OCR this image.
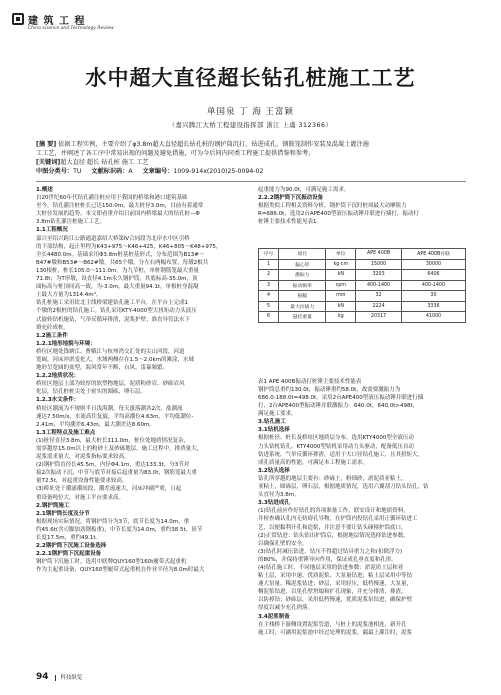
建 筑 工 程
China science and Technology Review
水中超大直径超长钻孔桩施工工艺
单国泉 丁 海 王富颖
（嘉兴腾江大桥工程建设指挥部 浙江 上虞 312366）
[摘 要] 依据工程实例，主要介绍了φ3.8m超大直径超长钻孔桩的钢护筒沉打、钻进成孔、钢筋笼制作安装及混凝土灌注施
工工艺，并阐述了各工序中常易出现的问题及避免措施，可为今后同内同类工程施工提供借鉴和参考。
[关键词]超大直径 超长 钻孔桩 施工 工艺
中图分类号：TU 文献标识码：A 文章编号：1009-914x(2010)25-0094-02

1.概述

自20世纪60年代钻孔灌注桩应用于我国的桥梁和港口建筑基础

至今，钻孔灌注桩桩长已达150.0m，最大桩径3.0m，目前有着通常

大桩径发展的趋势。本文即看重介绍日前国内桥梁最大的钻孔桩—Φ

3.8m钻孔灌注桩施工工艺。

1.1工程概况

嘉兴至绍兴跨江公路通道嘉绍大桥第Ⅳ合同段为北岸水中区引桥

的下部结构，起止里程为K43+975～K46+425，K46+805～K48+975，

全长4480.0m。基础采用Φ3.8m桩基桩基形式，分布范围为B13#～

B47#墩和B53#～B62#墩，共65个墩，分左右两幅布置，每墩2根共

130根桩，桩长105.0～111.0m。为九节桩，单桩钢筋笼最大重量

71.8t；为T形墩，设直径4.1m永久钢护筒，其底标高-35.0m，顶

面标高与桩顶同高一致，为-3.0m，最大重量94.1t，单根桩身混凝

土最大方量为1314.4m³。

钻孔桩施工采用钦北主线桥梁建钻孔施工平台，在平台上完成1

个墩的2根桩的钻孔施工。钻孔采用KTY-4000型大扭矩动力头液压

式旋转钻机施钻，气举反循环排渣，泥浆护壁；准直导管法水下

填充砼成桩。

1.2施工条件

1.2.1地形地貌与环境：

桥位区地处钱塘江、曹娥江与杭州湾交汇处的尖山河段，河道

宽阔，河床冲淤变化大，水域两侧存在1.5～2.0km的滩涂，水域

地形呈宽阔的盆型，海风常年不断，台风、雷暴频繁。

1.2.2地质状况：

桥址区地层上部为较厚的软塑物地层，泥质粉砂岩、砂砾岩风

化层，钻孔桩桩尖处于密实的圆砾、卵石层。

1.2.3水文条件：

桥址区潮流为不规则半日浅海潮，每天涨落潮各2次，涨潮流

速达7.50m/s，水流高往复旋，平均高潮位4.63m，平均低潮位-

2.41m，平均潮差6.43m，最大潮差达8.60m。

1.3工程特点及施工难点

(1)桩径直径3.8m，最大桩长111.0m，桩位处地质情况复杂，

需穿越厚15.0m以上的粉砂土及砂砾地层，施工过程中，排渣量大，

泥浆需求量大，对泥浆指标要求较高。

(2)钢护筒直径长45.5m，内径Φ4.1m，重达133.3t，分3节对

接2次振动下沉，中节与底节对接后起重量为83.0t，钢筋笼最大重

量72.5t，对起重设备性能要求较高。

(3)桥址处于潮涌潮间段，潮差流速大，河床冲刷严重，且起

重设备吨位大，对施工平台要求高。

2.钢护筒施工

2.1钢护筒长度及分节

根据现场实际情况，将钢护筒分为3节，底节长度为14.0m，重

约45.6t(含刃脚加劲钢板重)，中节长度为14.0m，重约38.5t，顶节

长度17.5m，重约49.1t。

2.2钢护筒下沉施工设备选择

2.2.1钢护筒下沉起重设备

钢护筒下沉施工时，选用中联牌QUY160型160t履带式起重机

作为主起重设备，QUY160型履带式起重机在作业半径为8.0m时最大

起重能力为90.0t，可满足施工需求。

2.2.2钢护筒下沉振动设备

根据类似工程相关资料分析，钢护筒下沉时桩周最大动摩阻力

R=686.0t，选用2台APE400型液压振动锤并联进行插打，振动打

桩锤主要技术性能见表1。

序号	项目	单位	APE 400B	APE 400B并联
1	偏心矩	kg·cm	15000	30000
2	激振力	kN	3203	6406
3	振动频率	cpm	400-1400	400-1400
4	振幅	mm	32	30
5	最大拉拔力	kN	2224	3336
6	悬挂重量	kg	20317	41000

表1 APE 400B振动打桩锤主要技术性能表

钢护筒总重约130.0t，振动锤重约58.0t，故需要激振力为

686.0-188.0t=498.0t，采用2台APE400型液压振动锤并联进行插

打，2台APE400型振动锤并联激振力：640.0t，640.0t>498t，

满足施工要求。

3.钻孔施工

3.1钻机选择

根据桩径、桩长及桥址区地质层分布，选用KTY4000型全液压动

力头钻机钻孔。KTY4000型钻机采用动力头驱动，配备低压自动

钻进系统，气举反循环排渣，适用于大口径钻孔施工，且其扭矩大，

成孔质量高的性能，可满足本工程施工需求。

3.2钻头选择

钻孔所穿越的地层主要有：砂砾土，粉细砂，淤泥质亚粘土，

亚粘土，圆砾层，卵石层，根据地质情况，选用六翼刮刀钻头钻孔，钻

头直径为3.8m。

3.3钻进成孔

(1)钻孔前应作好钻孔的各项准备工作，联安设计和地质资料，

并检查确认孔内无妨碍孔导物，在护筒内投钻孔采用正循环钻进工

艺，以便黏利开孔和造浆，并注意不要让钻头碰撞护筒底口。

(2)正常钻进：钻头钻出护筒后，根据地层情况选择钻进参数，

以确保孔壁的安全。

(3)钻孔时减压钻进，钻压不得超过钻具重力之和(扣除浮力)

的80%，并保持重锤导向作用，保证成孔垂直度和孔形。

(4)钻孔施工时，不同地层采用的钻进参数：淤泥质土层和亚

粘土层，采用中速、优质泥浆、大泵量钻进；粘土层采用中等钻

速大泵量，稀泥浆钻进；砂层，采用轻压，低档慢速，大泵量，

稠泥浆钻进，以免孔壁坍塌和扩孔现象，并充分排渣，排渣，

以防掉钻；砂砾层，采用低档慢速，优质泥浆泵钻进，确保护壁

厚度以减少充孔坍落。

3.4泥浆制备

在主栈桥下游侧设置泥浆管道，与桩上的泥浆池相连，新开孔

施工时，可涵用泥浆池中经过处理的泥浆，漏最上灌注时，泥浆

94 科技纵览
